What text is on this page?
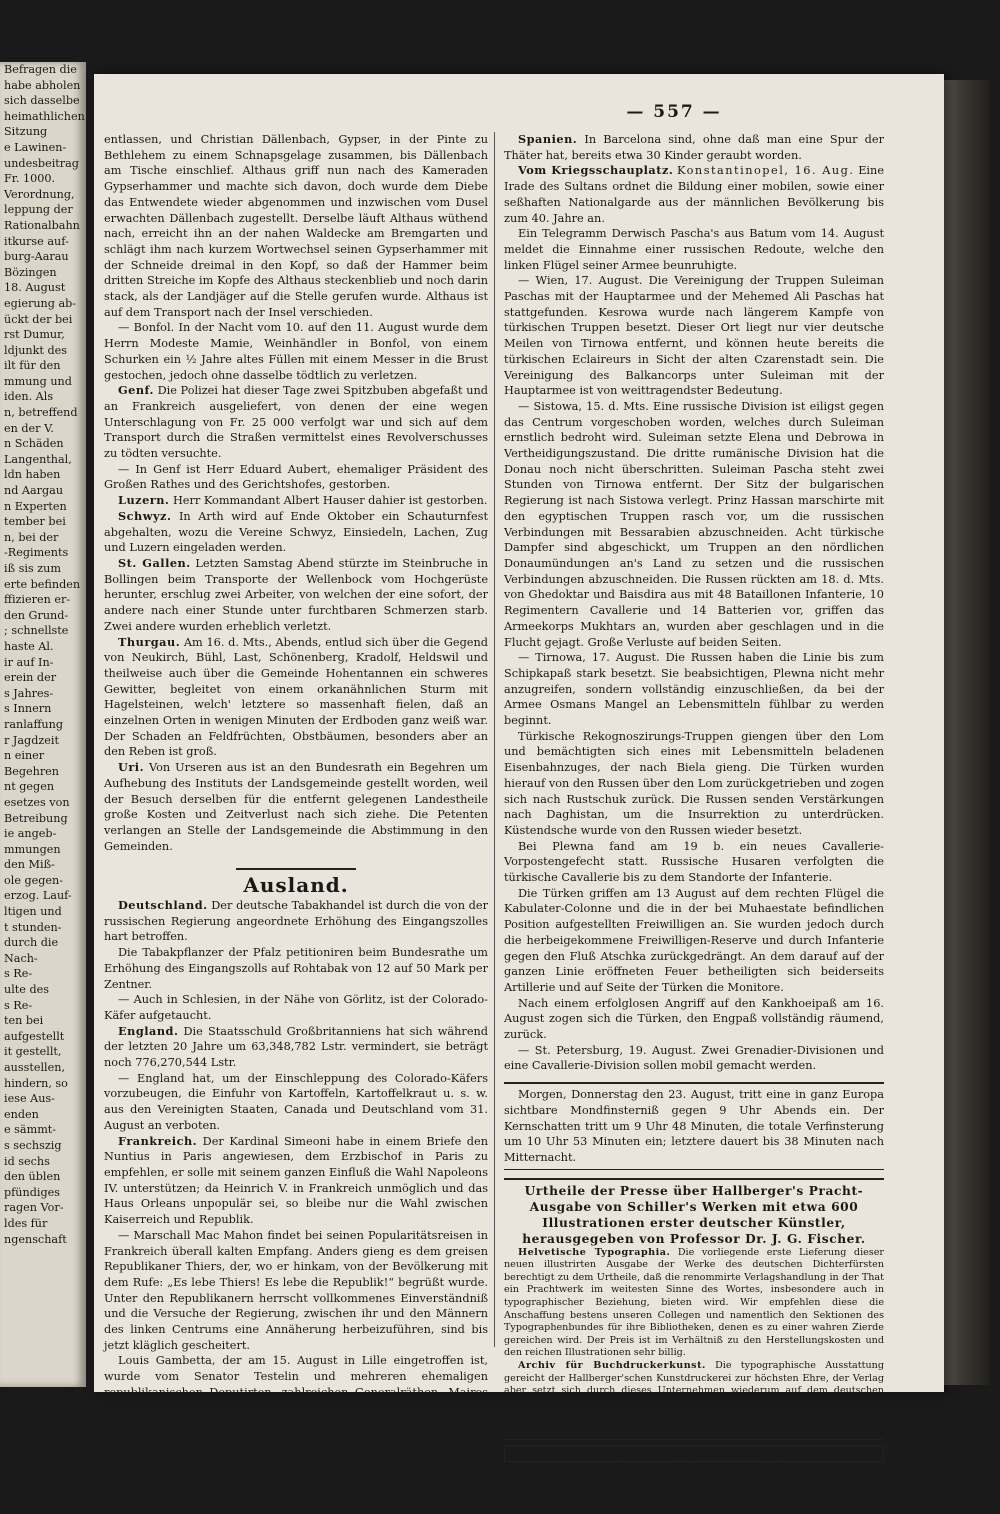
Befragen die
habe abholen
sich dasselbe
heimathlichen
Sitzung
e Lawinen-
undesbeitrag
Fr. 1000.
Verordnung,
leppung der
Rationalbahn
itkurse auf-
burg-Aarau
Bözingen
18. August
egierung ab-
ückt der bei
rst Dumur,
ldjunkt des
ilt für den
mmung und
iden. Als
n, betreffend
en der V.
n Schäden
Langenthal,
ldn haben
nd Aargau
n Experten
tember bei
n, bei der
-Regiments
iß sis zum
erte befinden
ffizieren er-
den Grund-
; schnellste
haste Al.
ir auf In-
erein der
s Jahres-
s Innern
ranlaffung
r Jagdzeit
n einer
Begehren
nt gegen
esetzes von
Betreibung
ie angeb-
mmungen
den Miß-
ole gegen-
erzog. Lauf-
ltigen und
t stunden-
durch die
Nach-
s Re-
ulte des
s Re-
ten bei
aufgestellt
it gestellt,
ausstellen,
hindern, so
iese Aus-
enden
e sämmt-
s sechszig
id sechs
den üblen
pfündiges
ragen Vor-
ldes für
ngenschaft
— 557 —

entlassen, und Christian Dällenbach, Gypser, in der Pinte zu Bethlehem zu einem Schnapsgelage zusammen, bis Dällenbach am Tische einschlief. Althaus griff nun nach des Kameraden Gypserhammer und machte sich davon, doch wurde dem Diebe das Entwendete wieder abgenommen und inzwischen vom Dusel erwachten Dällenbach zugestellt. Derselbe läuft Althaus wüthend nach, erreicht ihn an der nahen Waldecke am Bremgarten und schlägt ihm nach kurzem Wortwechsel seinen Gypserhammer mit der Schneide dreimal in den Kopf, so daß der Hammer beim dritten Streiche im Kopfe des Althaus steckenblieb und noch darin stack, als der Landjäger auf die Stelle gerufen wurde. Althaus ist auf dem Transport nach der Insel verschieden.

— Bonfol. In der Nacht vom 10. auf den 11. August wurde dem Herrn Modeste Mamie, Weinhändler in Bonfol, von einem Schurken ein ½ Jahre altes Füllen mit einem Messer in die Brust gestochen, jedoch ohne dasselbe tödtlich zu verletzen.

Genf. Die Polizei hat dieser Tage zwei Spitzbuben abgefaßt und an Frankreich ausgeliefert, von denen der eine wegen Unterschlagung von Fr. 25 000 verfolgt war und sich auf dem Transport durch die Straßen vermittelst eines Revolverschusses zu tödten versuchte.

— In Genf ist Herr Eduard Aubert, ehemaliger Präsident des Großen Rathes und des Gerichtshofes, gestorben.

Luzern. Herr Kommandant Albert Hauser dahier ist gestorben.

Schwyz. In Arth wird auf Ende Oktober ein Schauturnfest abgehalten, wozu die Vereine Schwyz, Einsiedeln, Lachen, Zug und Luzern eingeladen werden.

St. Gallen. Letzten Samstag Abend stürzte im Steinbruche in Bollingen beim Transporte der Wellenbock vom Hochgerüste herunter, erschlug zwei Arbeiter, von welchen der eine sofort, der andere nach einer Stunde unter furchtbaren Schmerzen starb. Zwei andere wurden erheblich verletzt.

Thurgau. Am 16. d. Mts., Abends, entlud sich über die Gegend von Neukirch, Bühl, Last, Schönenberg, Kradolf, Heldswil und theilweise auch über die Gemeinde Hohentannen ein schweres Gewitter, begleitet von einem orkanähnlichen Sturm mit Hagelsteinen, welch' letztere so massenhaft fielen, daß an einzelnen Orten in wenigen Minuten der Erdboden ganz weiß war. Der Schaden an Feldfrüchten, Obstbäumen, besonders aber an den Reben ist groß.

Uri. Von Urseren aus ist an den Bundesrath ein Begehren um Aufhebung des Instituts der Landsgemeinde gestellt worden, weil der Besuch derselben für die entfernt gelegenen Landestheile große Kosten und Zeitverlust nach sich ziehe. Die Petenten verlangen an Stelle der Landsgemeinde die Abstimmung in den Gemeinden.

Ausland.

Deutschland. Der deutsche Tabakhandel ist durch die von der russischen Regierung angeordnete Erhöhung des Eingangszolles hart betroffen.

Die Tabakpflanzer der Pfalz petitioniren beim Bundesrathe um Erhöhung des Eingangszolls auf Rohtabak von 12 auf 50 Mark per Zentner.

— Auch in Schlesien, in der Nähe von Görlitz, ist der Colorado-Käfer aufgetaucht.

England. Die Staatsschuld Großbritanniens hat sich während der letzten 20 Jahre um 63,348,782 Lstr. vermindert, sie beträgt noch 776,270,544 Lstr.

— England hat, um der Einschleppung des Colorado-Käfers vorzubeugen, die Einfuhr von Kartoffeln, Kartoffelkraut u. s. w. aus den Vereinigten Staaten, Canada und Deutschland vom 31. August an verboten.

Frankreich. Der Kardinal Simeoni habe in einem Briefe den Nuntius in Paris angewiesen, dem Erzbischof in Paris zu empfehlen, er solle mit seinem ganzen Einfluß die Wahl Napoleons IV. unterstützen; da Heinrich V. in Frankreich unmöglich und das Haus Orleans unpopulär sei, so bleibe nur die Wahl zwischen Kaiserreich und Republik.

— Marschall Mac Mahon findet bei seinen Popularitätsreisen in Frankreich überall kalten Empfang. Anders gieng es dem greisen Republikaner Thiers, der, wo er hinkam, von der Bevölkerung mit dem Rufe: „Es lebe Thiers! Es lebe die Republik!“ begrüßt wurde. Unter den Republikanern herrscht vollkommenes Einverständniß und die Versuche der Regierung, zwischen ihr und den Männern des linken Centrums eine Annäherung herbeizuführen, sind bis jetzt kläglich gescheitert.

Louis Gambetta, der am 15. August in Lille eingetroffen ist, wurde vom Senator Testelin und mehreren ehemaligen republikanischen Deputirten, zahlreichen Generalräthen, Maires der Umgegend und einer großen Menschenmenge enthusiastisch begrüßt.

Griechenland setzt seine Ankäufe von Waffen und Munition in Deutschland fort.

Spanien. In Barcelona sind, ohne daß man eine Spur der Thäter hat, bereits etwa 30 Kinder geraubt worden.

Vom Kriegsschauplatz. Konstantinopel, 16. Aug. Eine Irade des Sultans ordnet die Bildung einer mobilen, sowie einer seßhaften Nationalgarde aus der männlichen Bevölkerung bis zum 40. Jahre an.

Ein Telegramm Derwisch Pascha's aus Batum vom 14. August meldet die Einnahme einer russischen Redoute, welche den linken Flügel seiner Armee beunruhigte.

— Wien, 17. August. Die Vereinigung der Truppen Suleiman Paschas mit der Hauptarmee und der Mehemed Ali Paschas hat stattgefunden. Kesrowa wurde nach längerem Kampfe von türkischen Truppen besetzt. Dieser Ort liegt nur vier deutsche Meilen von Tirnowa entfernt, und können heute bereits die türkischen Eclaireurs in Sicht der alten Czarenstadt sein. Die Vereinigung des Balkancorps unter Suleiman mit der Hauptarmee ist von weittragendster Bedeutung.

— Sistowa, 15. d. Mts. Eine russische Division ist eiligst gegen das Centrum vorgeschoben worden, welches durch Suleiman ernstlich bedroht wird. Suleiman setzte Elena und Debrowa in Vertheidigungszustand. Die dritte rumänische Division hat die Donau noch nicht überschritten. Suleiman Pascha steht zwei Stunden von Tirnowa entfernt. Der Sitz der bulgarischen Regierung ist nach Sistowa verlegt. Prinz Hassan marschirte mit den egyptischen Truppen rasch vor, um die russischen Verbindungen mit Bessarabien abzuschneiden. Acht türkische Dampfer sind abgeschickt, um Truppen an den nördlichen Donaumündungen an's Land zu setzen und die russischen Verbindungen abzuschneiden. Die Russen rückten am 18. d. Mts. von Ghedoktar und Baisdira aus mit 48 Bataillonen Infanterie, 10 Regimentern Cavallerie und 14 Batterien vor, griffen das Armeekorps Mukhtars an, wurden aber geschlagen und in die Flucht gejagt. Große Verluste auf beiden Seiten.

— Tirnowa, 17. August. Die Russen haben die Linie bis zum Schipkapaß stark besetzt. Sie beabsichtigen, Plewna nicht mehr anzugreifen, sondern vollständig einzuschließen, da bei der Armee Osmans Mangel an Lebensmitteln fühlbar zu werden beginnt.

Türkische Rekognoszirungs-Truppen giengen über den Lom und bemächtigten sich eines mit Lebensmitteln beladenen Eisenbahnzuges, der nach Biela gieng. Die Türken wurden hierauf von den Russen über den Lom zurückgetrieben und zogen sich nach Rustschuk zurück. Die Russen senden Verstärkungen nach Daghistan, um die Insurrektion zu unterdrücken. Küstendsche wurde von den Russen wieder besetzt.

Bei Plewna fand am 19 b. ein neues Cavallerie-Vorpostengefecht statt. Russische Husaren verfolgten die türkische Cavallerie bis zu dem Standorte der Infanterie.

Die Türken griffen am 13 August auf dem rechten Flügel die Kabulater-Colonne und die in der bei Muhaestate befindlichen Position aufgestellten Freiwilligen an. Sie wurden jedoch durch die herbeigekommene Freiwilligen-Reserve und durch Infanterie gegen den Fluß Atschka zurückgedrängt. An dem darauf auf der ganzen Linie eröffneten Feuer betheiligten sich beiderseits Artillerie und auf Seite der Türken die Monitore.

Nach einem erfolglosen Angriff auf den Kankhoeipaß am 16. August zogen sich die Türken, den Engpaß vollständig räumend, zurück.

— St. Petersburg, 19. August. Zwei Grenadier-Divisionen und eine Cavallerie-Division sollen mobil gemacht werden.

Morgen, Donnerstag den 23. August, tritt eine in ganz Europa sichtbare Mondfinsterniß gegen 9 Uhr Abends ein. Der Kernschatten tritt um 9 Uhr 48 Minuten, die totale Verfinsterung um 10 Uhr 53 Minuten ein; letztere dauert bis 38 Minuten nach Mitternacht.

Urtheile der Presse über Hallberger's Pracht-Ausgabe von Schiller's Werken mit etwa 600 Illustrationen erster deutscher Künstler, herausgegeben von Professor Dr. J. G. Fischer.

Helvetische Typographia. Die vorliegende erste Lieferung dieser neuen illustrirten Ausgabe der Werke des deutschen Dichterfürsten berechtigt zu dem Urtheile, daß die renommirte Verlagshandlung in der That ein Prachtwerk im weitesten Sinne des Wortes, insbesondere auch in typographischer Beziehung, bieten wird. Wir empfehlen diese die Anschaffung bestens unseren Collegen und namentlich den Sektionen des Typographenbundes für ihre Bibliotheken, denen es zu einer wahren Zierde gereichen wird. Der Preis ist im Verhältniß zu den Herstellungskosten und den reichen Illustrationen sehr billig.

Archiv für Buchdruckerkunst. Die typographische Ausstattung gereicht der Hallberger'schen Kunstdruckerei zur höchsten Ehre, der Verlag aber setzt sich durch dieses Unternehmen wiederum auf dem deutschen Büchermarkt ein unvergängliches Denkmal. Bei dem billigen Preis von 50 Pfennig pro Heft kann und wird es nicht fehlen, daß diese Ausgabe bald in jeder Familie zu finden sein wird.

Witterungsbeobachtungen.

Pariser Observatorium vom 21. August. Eine Depression kommt von Nordwesten heran; sie hat ihr Centrum in Scarborough und rückt gegen Osten vor. Der Wind weht frisch aus Südwesten mit Tendenz nach Westen auf dem Kanal und in der Bretagne. Das Meer geht hohl.
